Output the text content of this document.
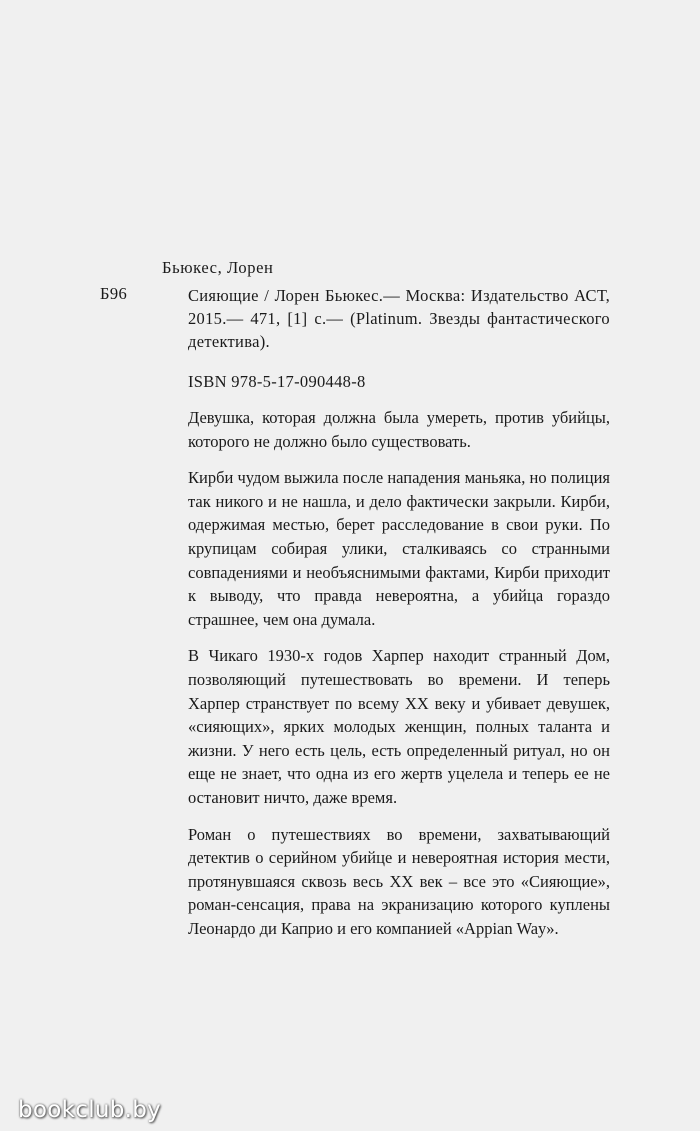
Бьюкес, Лорен
Б96	Сияющие / Лорен Бьюкес.— Москва: Издательство АСТ, 2015.— 471, [1] с.— (Platinum. Звезды фантастического детектива).
ISBN 978-5-17-090448-8

Девушка, которая должна была умереть, против убийцы, которого не должно было существовать.

Кирби чудом выжила после нападения маньяка, но полиция так никого и не нашла, и дело фактически закрыли. Кирби, одержимая местью, берет расследование в свои руки. По крупицам собирая улики, сталкиваясь со странными совпадениями и необъяснимыми фактами, Кирби приходит к выводу, что правда невероятна, а убийца гораздо страшнее, чем она думала.

В Чикаго 1930-х годов Харпер находит странный Дом, позволяющий путешествовать во времени. И теперь Харпер странствует по всему XX веку и убивает девушек, «сияющих», ярких молодых женщин, полных таланта и жизни. У него есть цель, есть определенный ритуал, но он еще не знает, что одна из его жертв уцелела и теперь ее не остановит ничто, даже время.

Роман о путешествиях во времени, захватывающий детектив о серийном убийце и невероятная история мести, протянувшаяся сквозь весь XX век – все это «Сияющие», роман-сенсация, права на экранизацию которого куплены Леонардо ди Каприо и его компанией «Appian Way».

bookclub.by
